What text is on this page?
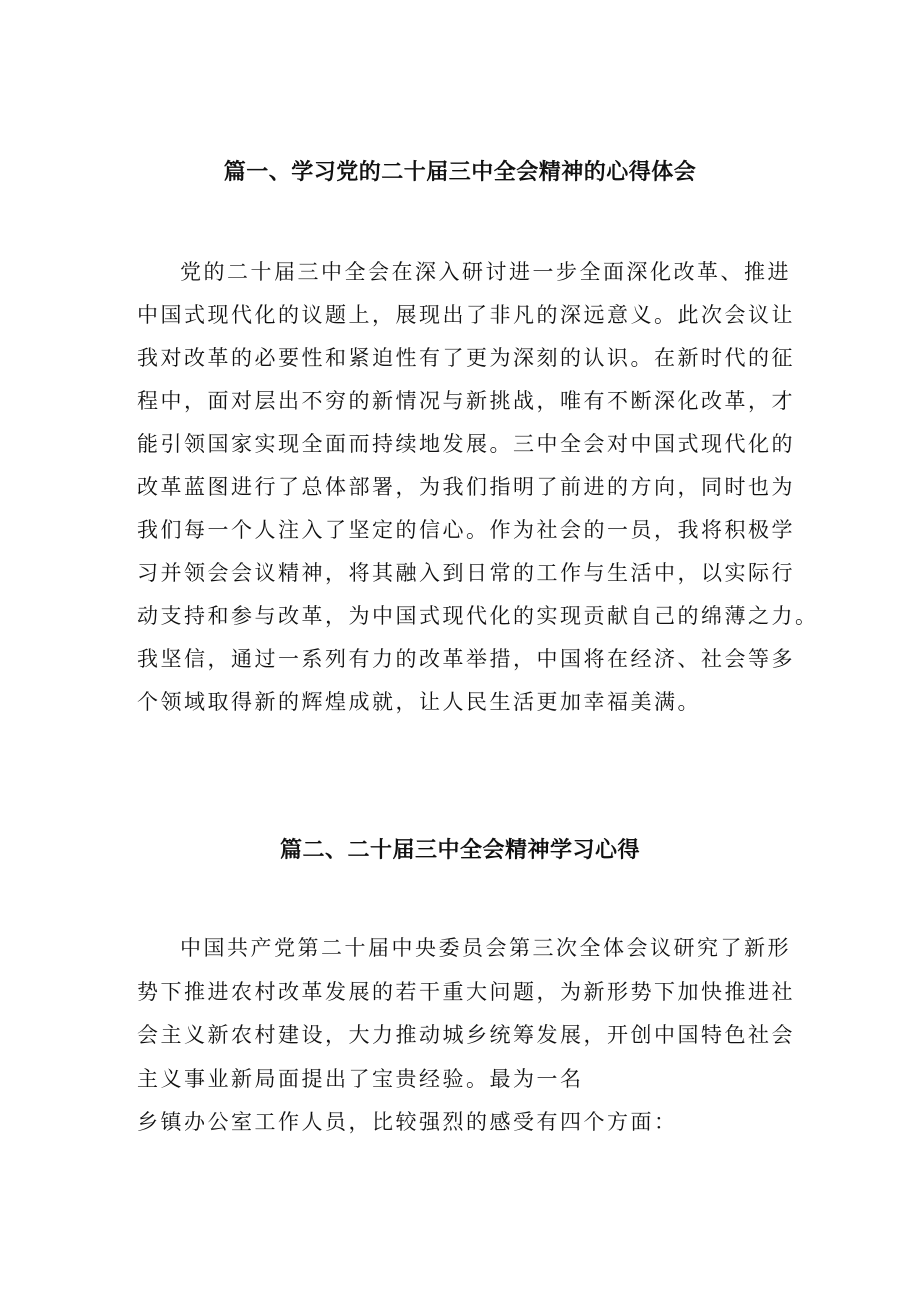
篇一、学习党的二十届三中全会精神的心得体会

党的二十届三中全会在深入研讨进一步全面深化改革、推进

中国式现代化的议题上，展现出了非凡的深远意义。此次会议让

我对改革的必要性和紧迫性有了更为深刻的认识。在新时代的征

程中，面对层出不穷的新情况与新挑战，唯有不断深化改革，才

能引领国家实现全面而持续地发展。三中全会对中国式现代化的

改革蓝图进行了总体部署，为我们指明了前进的方向，同时也为

我们每一个人注入了坚定的信心。作为社会的一员，我将积极学

习并领会会议精神，将其融入到日常的工作与生活中，以实际行

动支持和参与改革，为中国式现代化的实现贡献自己的绵薄之力。

我坚信，通过一系列有力的改革举措，中国将在经济、社会等多

个领域取得新的辉煌成就，让人民生活更加幸福美满。

篇二、二十届三中全会精神学习心得

中国共产党第二十届中央委员会第三次全体会议研究了新形

势下推进农村改革发展的若干重大问题，为新形势下加快推进社

会主义新农村建设，大力推动城乡统筹发展，开创中国特色社会

主义事业新局面提出了宝贵经验。最为一名

乡镇办公室工作人员，比较强烈的感受有四个方面：
